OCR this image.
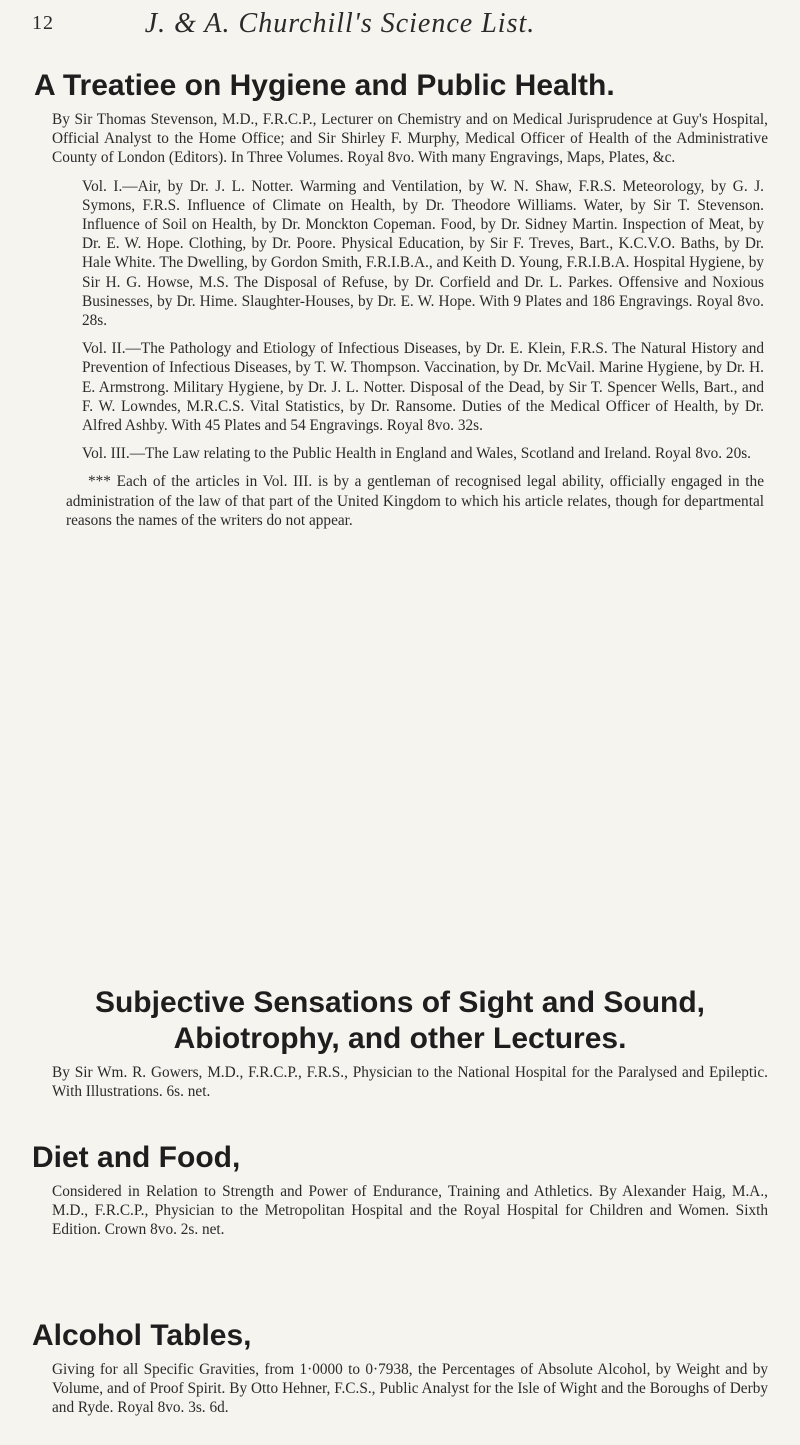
12	J. & A. Churchill's Science List.
A Treatiee on Hygiene and Public Health.

By Sir Thomas Stevenson, M.D., F.R.C.P., Lecturer on Chemistry and on Medical Jurisprudence at Guy's Hospital, Official Analyst to the Home Office; and Sir Shirley F. Murphy, Medical Officer of Health of the Administrative County of London (Editors). In Three Volumes. Royal 8vo. With many Engravings, Maps, Plates, &c.

Vol. I.—Air, by Dr. J. L. Notter. Warming and Ventilation, by W. N. Shaw, F.R.S. Meteorology, by G. J. Symons, F.R.S. Influence of Climate on Health, by Dr. Theodore Williams. Water, by Sir T. Stevenson. Influence of Soil on Health, by Dr. Monckton Copeman. Food, by Dr. Sidney Martin. Inspection of Meat, by Dr. E. W. Hope. Clothing, by Dr. Poore. Physical Education, by Sir F. Treves, Bart., K.C.V.O. Baths, by Dr. Hale White. The Dwelling, by Gordon Smith, F.R.I.B.A., and Keith D. Young, F.R.I.B.A. Hospital Hygiene, by Sir H. G. Howse, M.S. The Disposal of Refuse, by Dr. Corfield and Dr. L. Parkes. Offensive and Noxious Businesses, by Dr. Hime. Slaughter-Houses, by Dr. E. W. Hope. With 9 Plates and 186 Engravings. Royal 8vo. 28s.

Vol. II.—The Pathology and Etiology of Infectious Diseases, by Dr. E. Klein, F.R.S. The Natural History and Prevention of Infectious Diseases, by T. W. Thompson. Vaccination, by Dr. McVail. Marine Hygiene, by Dr. H. E. Armstrong. Military Hygiene, by Dr. J. L. Notter. Disposal of the Dead, by Sir T. Spencer Wells, Bart., and F. W. Lowndes, M.R.C.S. Vital Statistics, by Dr. Ransome. Duties of the Medical Officer of Health, by Dr. Alfred Ashby. With 45 Plates and 54 Engravings. Royal 8vo. 32s.

Vol. III.—The Law relating to the Public Health in England and Wales, Scotland and Ireland. Royal 8vo. 20s.

*** Each of the articles in Vol. III. is by a gentleman of recognised legal ability, officially engaged in the administration of the law of that part of the United Kingdom to which his article relates, though for departmental reasons the names of the writers do not appear.

Subjective Sensations of Sight and Sound,
Abiotrophy, and other Lectures.

By Sir Wm. R. Gowers, M.D., F.R.C.P., F.R.S., Physician to the National Hospital for the Paralysed and Epileptic. With Illustrations. 6s. net.

Diet and Food,

Considered in Relation to Strength and Power of Endurance, Training and Athletics. By Alexander Haig, M.A., M.D., F.R.C.P., Physician to the Metropolitan Hospital and the Royal Hospital for Children and Women. Sixth Edition. Crown 8vo. 2s. net.

Alcohol Tables,

Giving for all Specific Gravities, from 1·0000 to 0·7938, the Percentages of Absolute Alcohol, by Weight and by Volume, and of Proof Spirit. By Otto Hehner, F.C.S., Public Analyst for the Isle of Wight and the Boroughs of Derby and Ryde. Royal 8vo. 3s. 6d.
